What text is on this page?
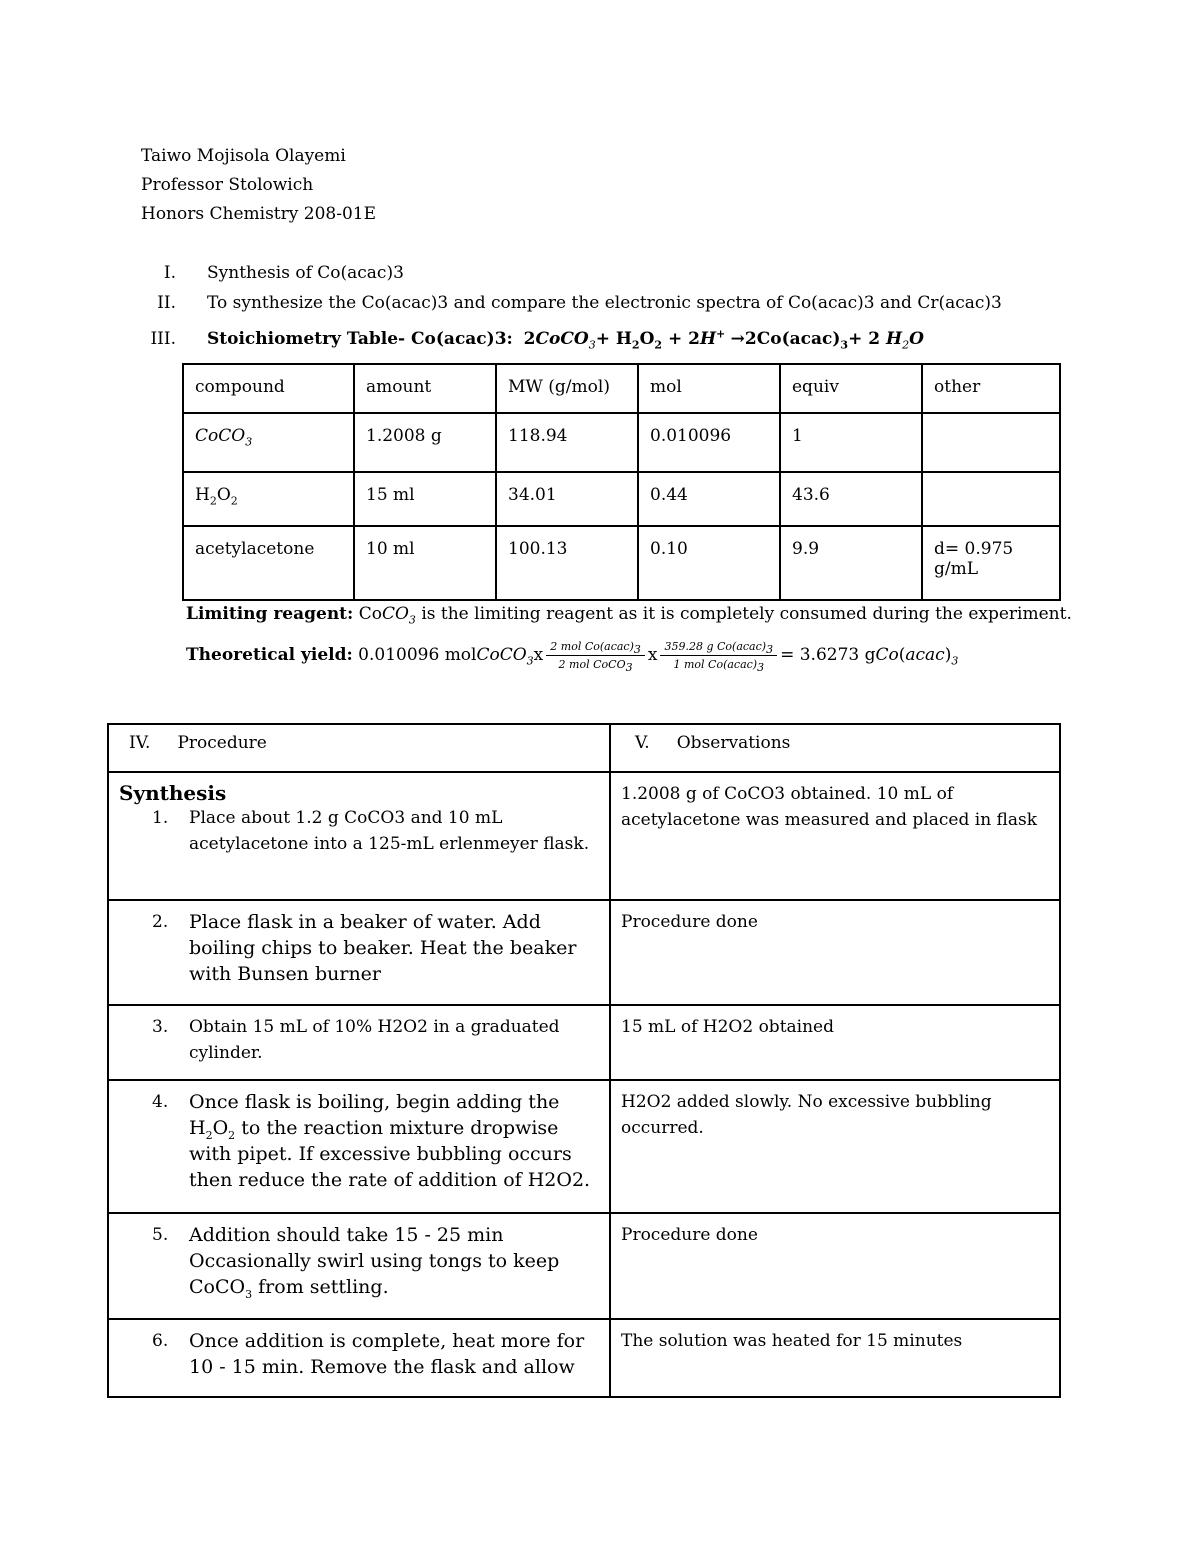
Taiwo Mojisola Olayemi
Professor Stolowich
Honors Chemistry 208-01E
I. Synthesis of Co(acac)3
II. To synthesize the Co(acac)3 and compare the electronic spectra of Co(acac)3 and Cr(acac)3
III. Stoichiometry Table- Co(acac)3: 2CoCO$_3$+ $H_2O_2 + 2H^+$ $\to 2Co(acac)_3+ 2$ $H_2O$
compound	amount	MW (g/mol)	mol	equiv	other
CoCO$_3$	1.2008 g	118.94	0.010096	1	
$H_2O_2$	15 ml	34.01	0.44	43.6	
acetylacetone	10 ml	100.13	0.10	9.9	d= 0.975
g/mL
Limiting reagent: CoCO$_3$ is the limiting reagent as it is completely consumed during the experiment.
Theoretical yield: 0.010096 molCoCO$_3$x $\frac{2 mol Co(acac)_3}{2 mol CoCO_3}$ x $\frac{359.28 g Co(acac)_3}{1 mol Co(acac)_3} = 3.6273$ $gCo(acac)_3$
IV. Procedure	V. Observations

Synthesis
1. Place about 1.2 g CoCO3 and 10 mL acetylacetone into a 125-mL erlenmeyer flask.	1.2008 g of CoCO3 obtained. 10 mL of acetylacetone was measured and placed in flask

2. Place flask in a beaker of water. Add boiling chips to beaker. Heat the beaker with Bunsen burner	Procedure done

3. Obtain 15 mL of 10% H2O2 in a graduated cylinder.	15 mL of H2O2 obtained

4. Once flask is boiling, begin adding the $H_2O_2$ to the reaction mixture dropwise with pipet. If excessive bubbling occurs then reduce the rate of addition of H2O2.	H2O2 added slowly. No excessive bubbling occurred.

5. Addition should take 15 - 25 min Occasionally swirl using tongs to keep CoCO$_3$ from settling.	Procedure done

6. Once addition is complete, heat more for 10 - 15 min. Remove the flask and allow	The solution was heated for 15 minutes
